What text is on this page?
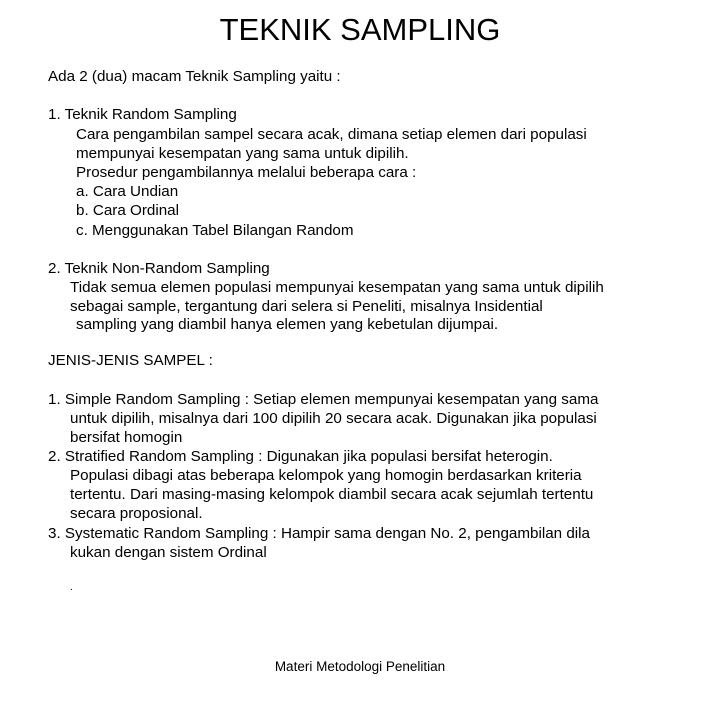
TEKNIK SAMPLING
Ada 2 (dua) macam Teknik Sampling yaitu :
1. Teknik Random Sampling
Cara pengambilan sampel secara acak, dimana setiap elemen dari populasi
mempunyai kesempatan yang sama untuk dipilih.
Prosedur pengambilannya melalui beberapa cara :
a. Cara Undian
b. Cara Ordinal
c. Menggunakan Tabel Bilangan Random
2. Teknik Non-Random Sampling
Tidak semua elemen populasi mempunyai kesempatan yang sama untuk dipilih
sebagai sample, tergantung dari selera si Peneliti, misalnya Insidential
sampling yang diambil hanya elemen yang kebetulan dijumpai.
JENIS-JENIS SAMPEL :
1. Simple Random Sampling : Setiap elemen mempunyai kesempatan yang sama
untuk dipilih, misalnya dari 100 dipilih 20 secara acak. Digunakan jika populasi
bersifat homogin
2. Stratified Random Sampling : Digunakan jika populasi bersifat heterogin.
Populasi dibagi atas beberapa kelompok yang homogin berdasarkan kriteria
tertentu. Dari masing-masing kelompok diambil secara acak sejumlah tertentu
secara proposional.
3. Systematic Random Sampling : Hampir sama dengan No. 2, pengambilan dila
kukan dengan sistem Ordinal
.
Materi Metodologi Penelitian
